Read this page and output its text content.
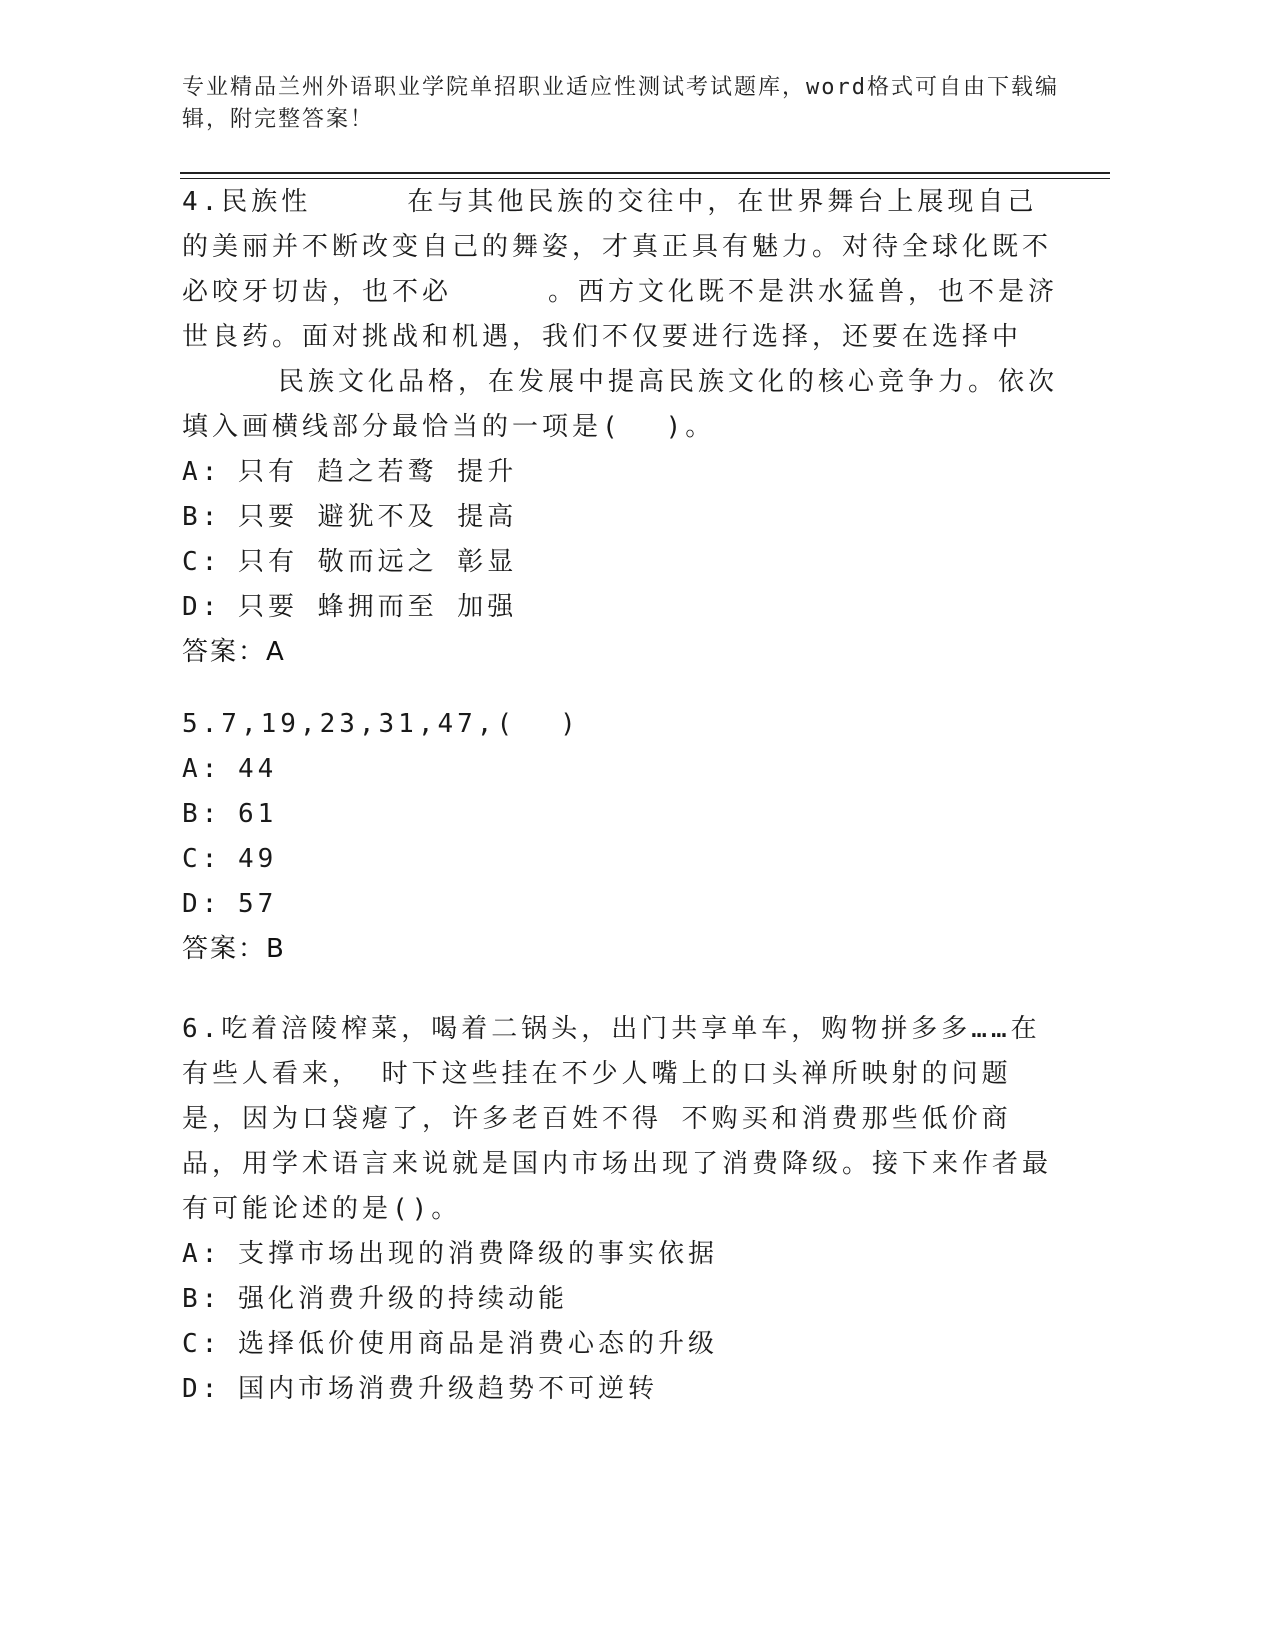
专业精品兰州外语职业学院单招职业适应性测试考试题库，word格式可自由下载编辑，附完整答案！

4.民族性	在与其他民族的交往中，在世界舞台上展现自己的美丽并不断改变自己的舞姿，才真正具有魅力。对待全球化既不必咬牙切齿，也不必	。西方文化既不是洪水猛兽，也不是济世良药。面对挑战和机遇，我们不仅要进行选择，还要在选择中民族文化品格，在发展中提高民族文化的核心竞争力。依次填入画横线部分最恰当的一项是( )。

A: 只有 趋之若鹜 提升

B: 只要 避犹不及 提高

C: 只有 敬而远之 彰显

D: 只要 蜂拥而至 加强

答案：A

5.7,19,23,31,47,( )

A: 44

B: 61

C: 49

D: 57

答案：B

6.吃着涪陵榨菜，喝着二锅头，出门共享单车，购物拼多多……在有些人看来， 时下这些挂在不少人嘴上的口头禅所映射的问题是，因为口袋瘪了，许多老百姓不得 不购买和消费那些低价商品，用学术语言来说就是国内市场出现了消费降级。接下来作者最有可能论述的是()。

A: 支撑市场出现的消费降级的事实依据

B: 强化消费升级的持续动能

C: 选择低价使用商品是消费心态的升级

D: 国内市场消费升级趋势不可逆转
